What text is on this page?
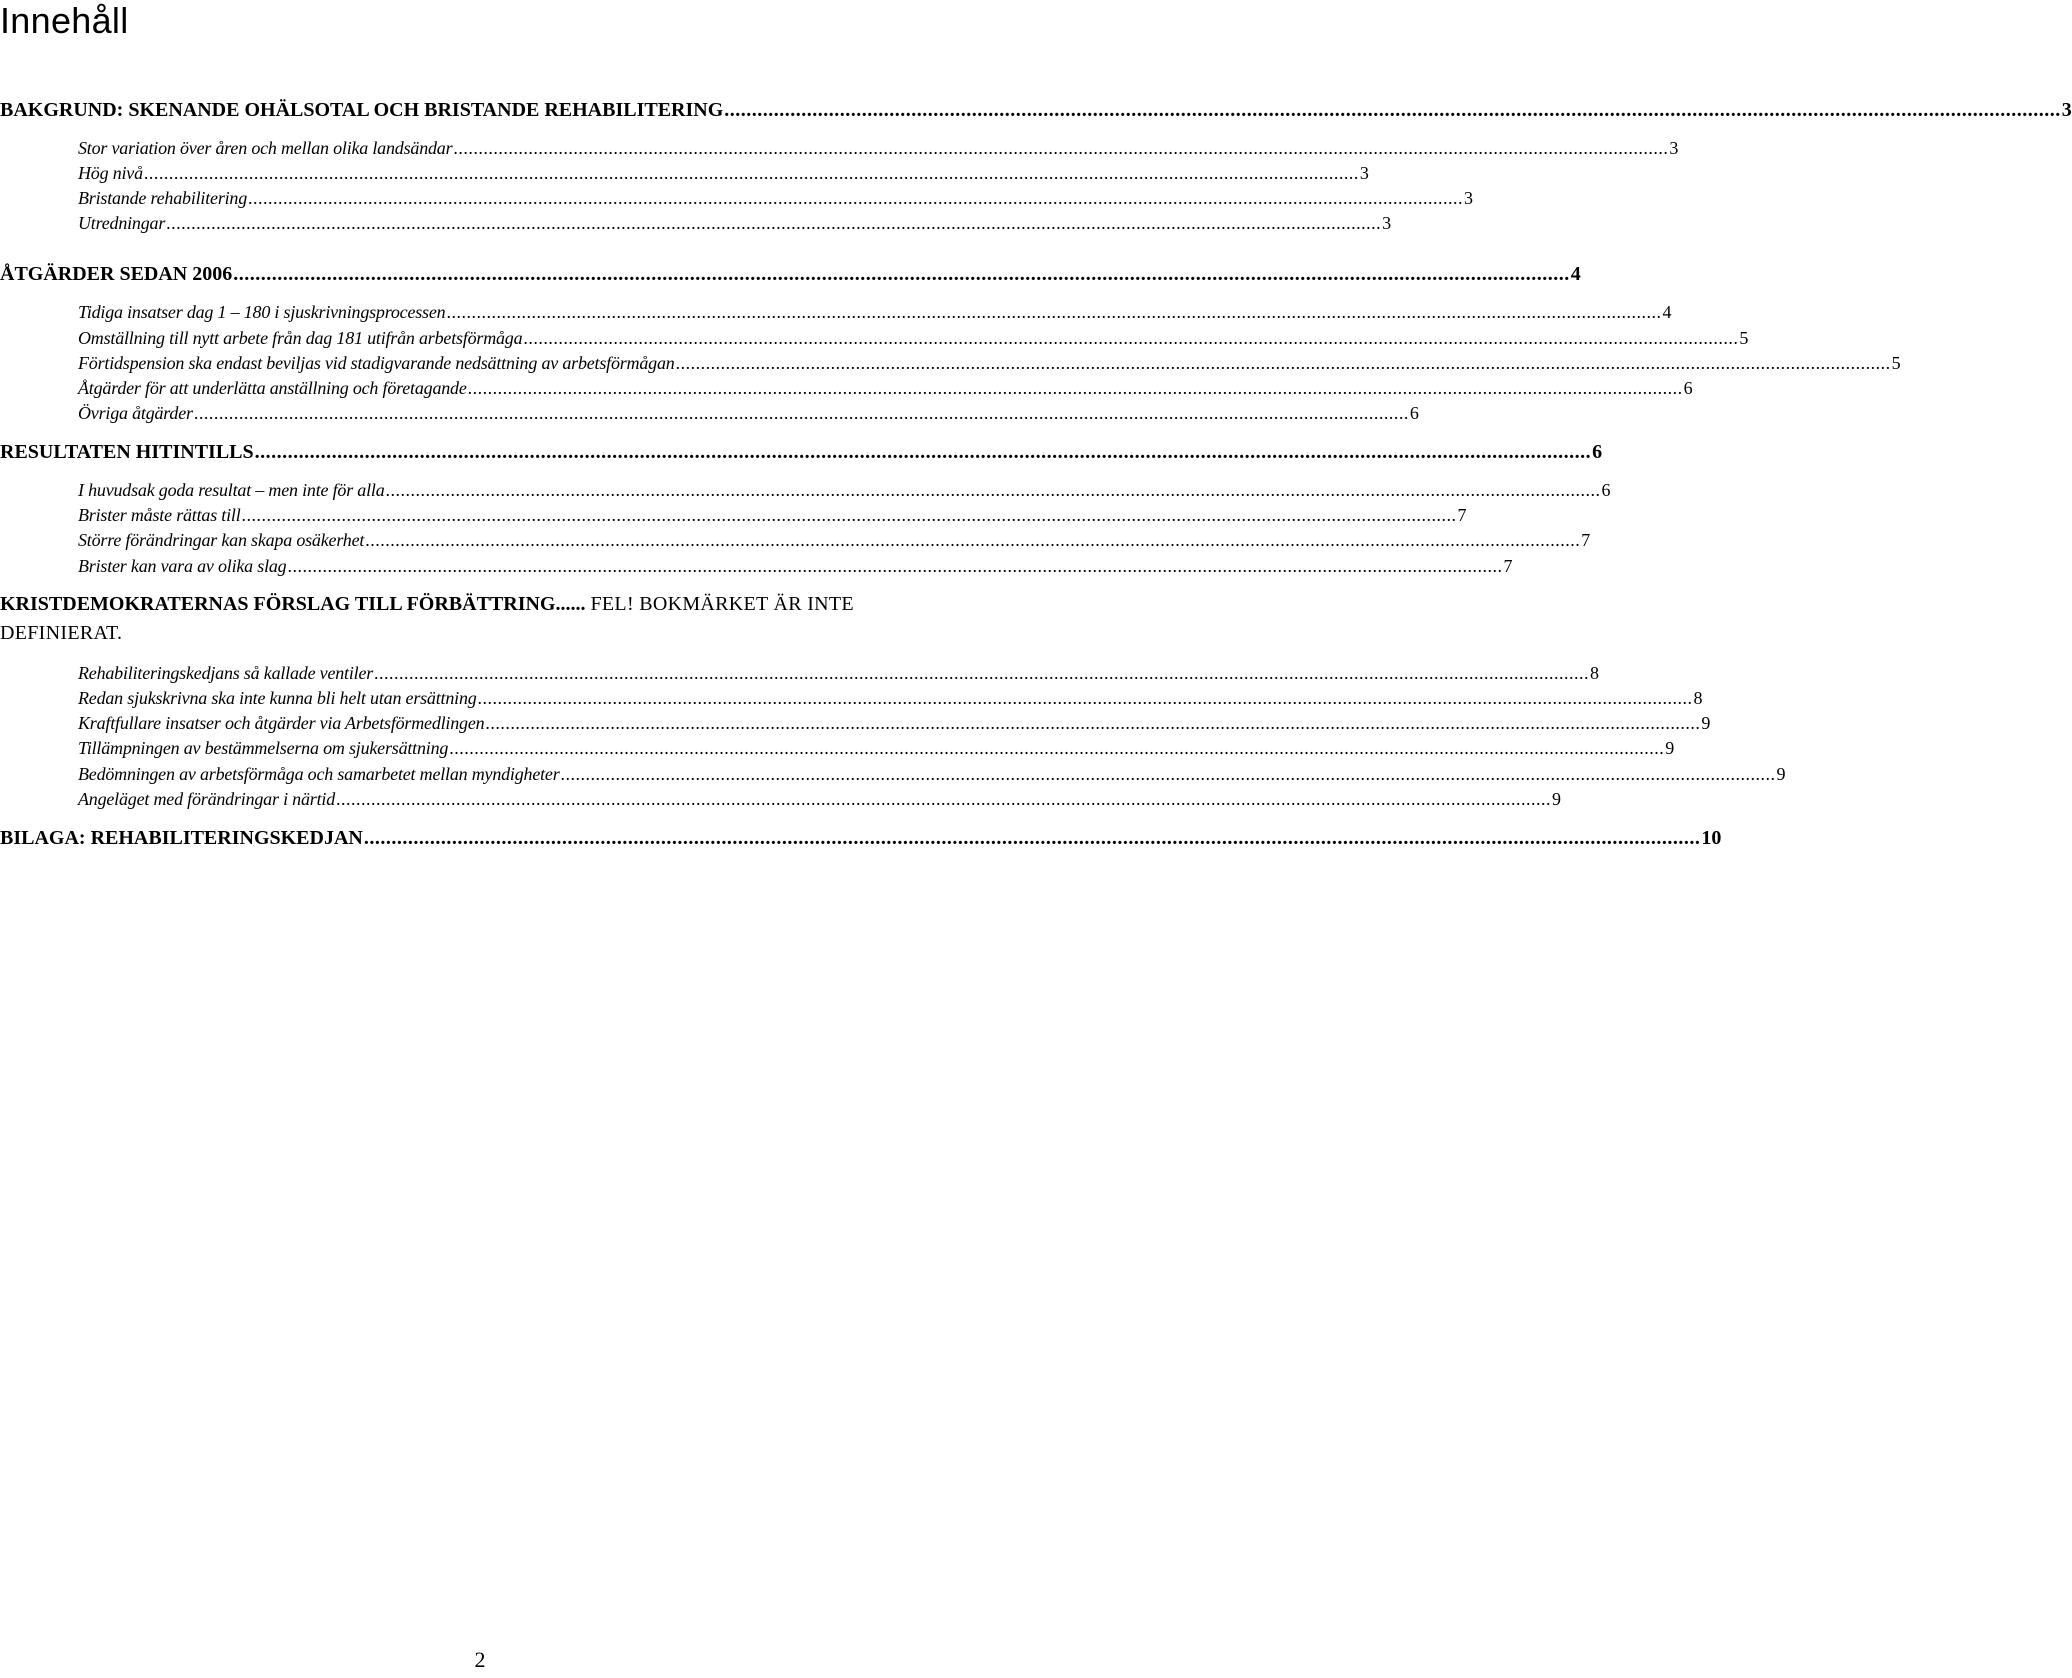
Innehåll
BAKGRUND: SKENANDE OHÄLSOTAL OCH BRISTANDE REHABILITERING ................................................................................................................................................................................................................................................... 3
Stor variation över åren och mellan olika landsändar ................................................................................................................................................................................................................................................... 3
Hög nivå ................................................................................................................................................................................................................................................... 3
Bristande rehabilitering ................................................................................................................................................................................................................................................... 3
Utredningar ................................................................................................................................................................................................................................................... 3
ÅTGÄRDER SEDAN 2006 ................................................................................................................................................................................................................................................... 4
Tidiga insatser dag 1 – 180 i sjuskrivningsprocessen ................................................................................................................................................................................................................................................... 4
Omställning till nytt arbete från dag 181 utifrån arbetsförmåga ................................................................................................................................................................................................................................................... 5
Förtidspension ska endast beviljas vid stadigvarande nedsättning av arbetsförmågan ................................................................................................................................................................................................................................................... 5
Åtgärder för att underlätta anställning och företagande ................................................................................................................................................................................................................................................... 6
Övriga åtgärder ................................................................................................................................................................................................................................................... 6
RESULTATEN HITINTILLS ................................................................................................................................................................................................................................................... 6
I huvudsak goda resultat – men inte för alla ................................................................................................................................................................................................................................................... 6
Brister måste rättas till ................................................................................................................................................................................................................................................... 7
Större förändringar kan skapa osäkerhet ................................................................................................................................................................................................................................................... 7
Brister kan vara av olika slag ................................................................................................................................................................................................................................................... 7
KRISTDEMOKRATERNAS FÖRSLAG TILL FÖRBÄTTRING...... FEL! BOKMÄRKET ÄR INTE DEFINIERAT.
Rehabiliteringskedjans så kallade ventiler ................................................................................................................................................................................................................................................... 8
Redan sjukskrivna ska inte kunna bli helt utan ersättning ................................................................................................................................................................................................................................................... 8
Kraftfullare insatser och åtgärder via Arbetsförmedlingen ................................................................................................................................................................................................................................................... 9
Tillämpningen av bestämmelserna om sjukersättning ................................................................................................................................................................................................................................................... 9
Bedömningen av arbetsförmåga och samarbetet mellan myndigheter ................................................................................................................................................................................................................................................... 9
Angeläget med förändringar i närtid ................................................................................................................................................................................................................................................... 9
BILAGA: REHABILITERINGSKEDJAN ................................................................................................................................................................................................................................................... 10
2
